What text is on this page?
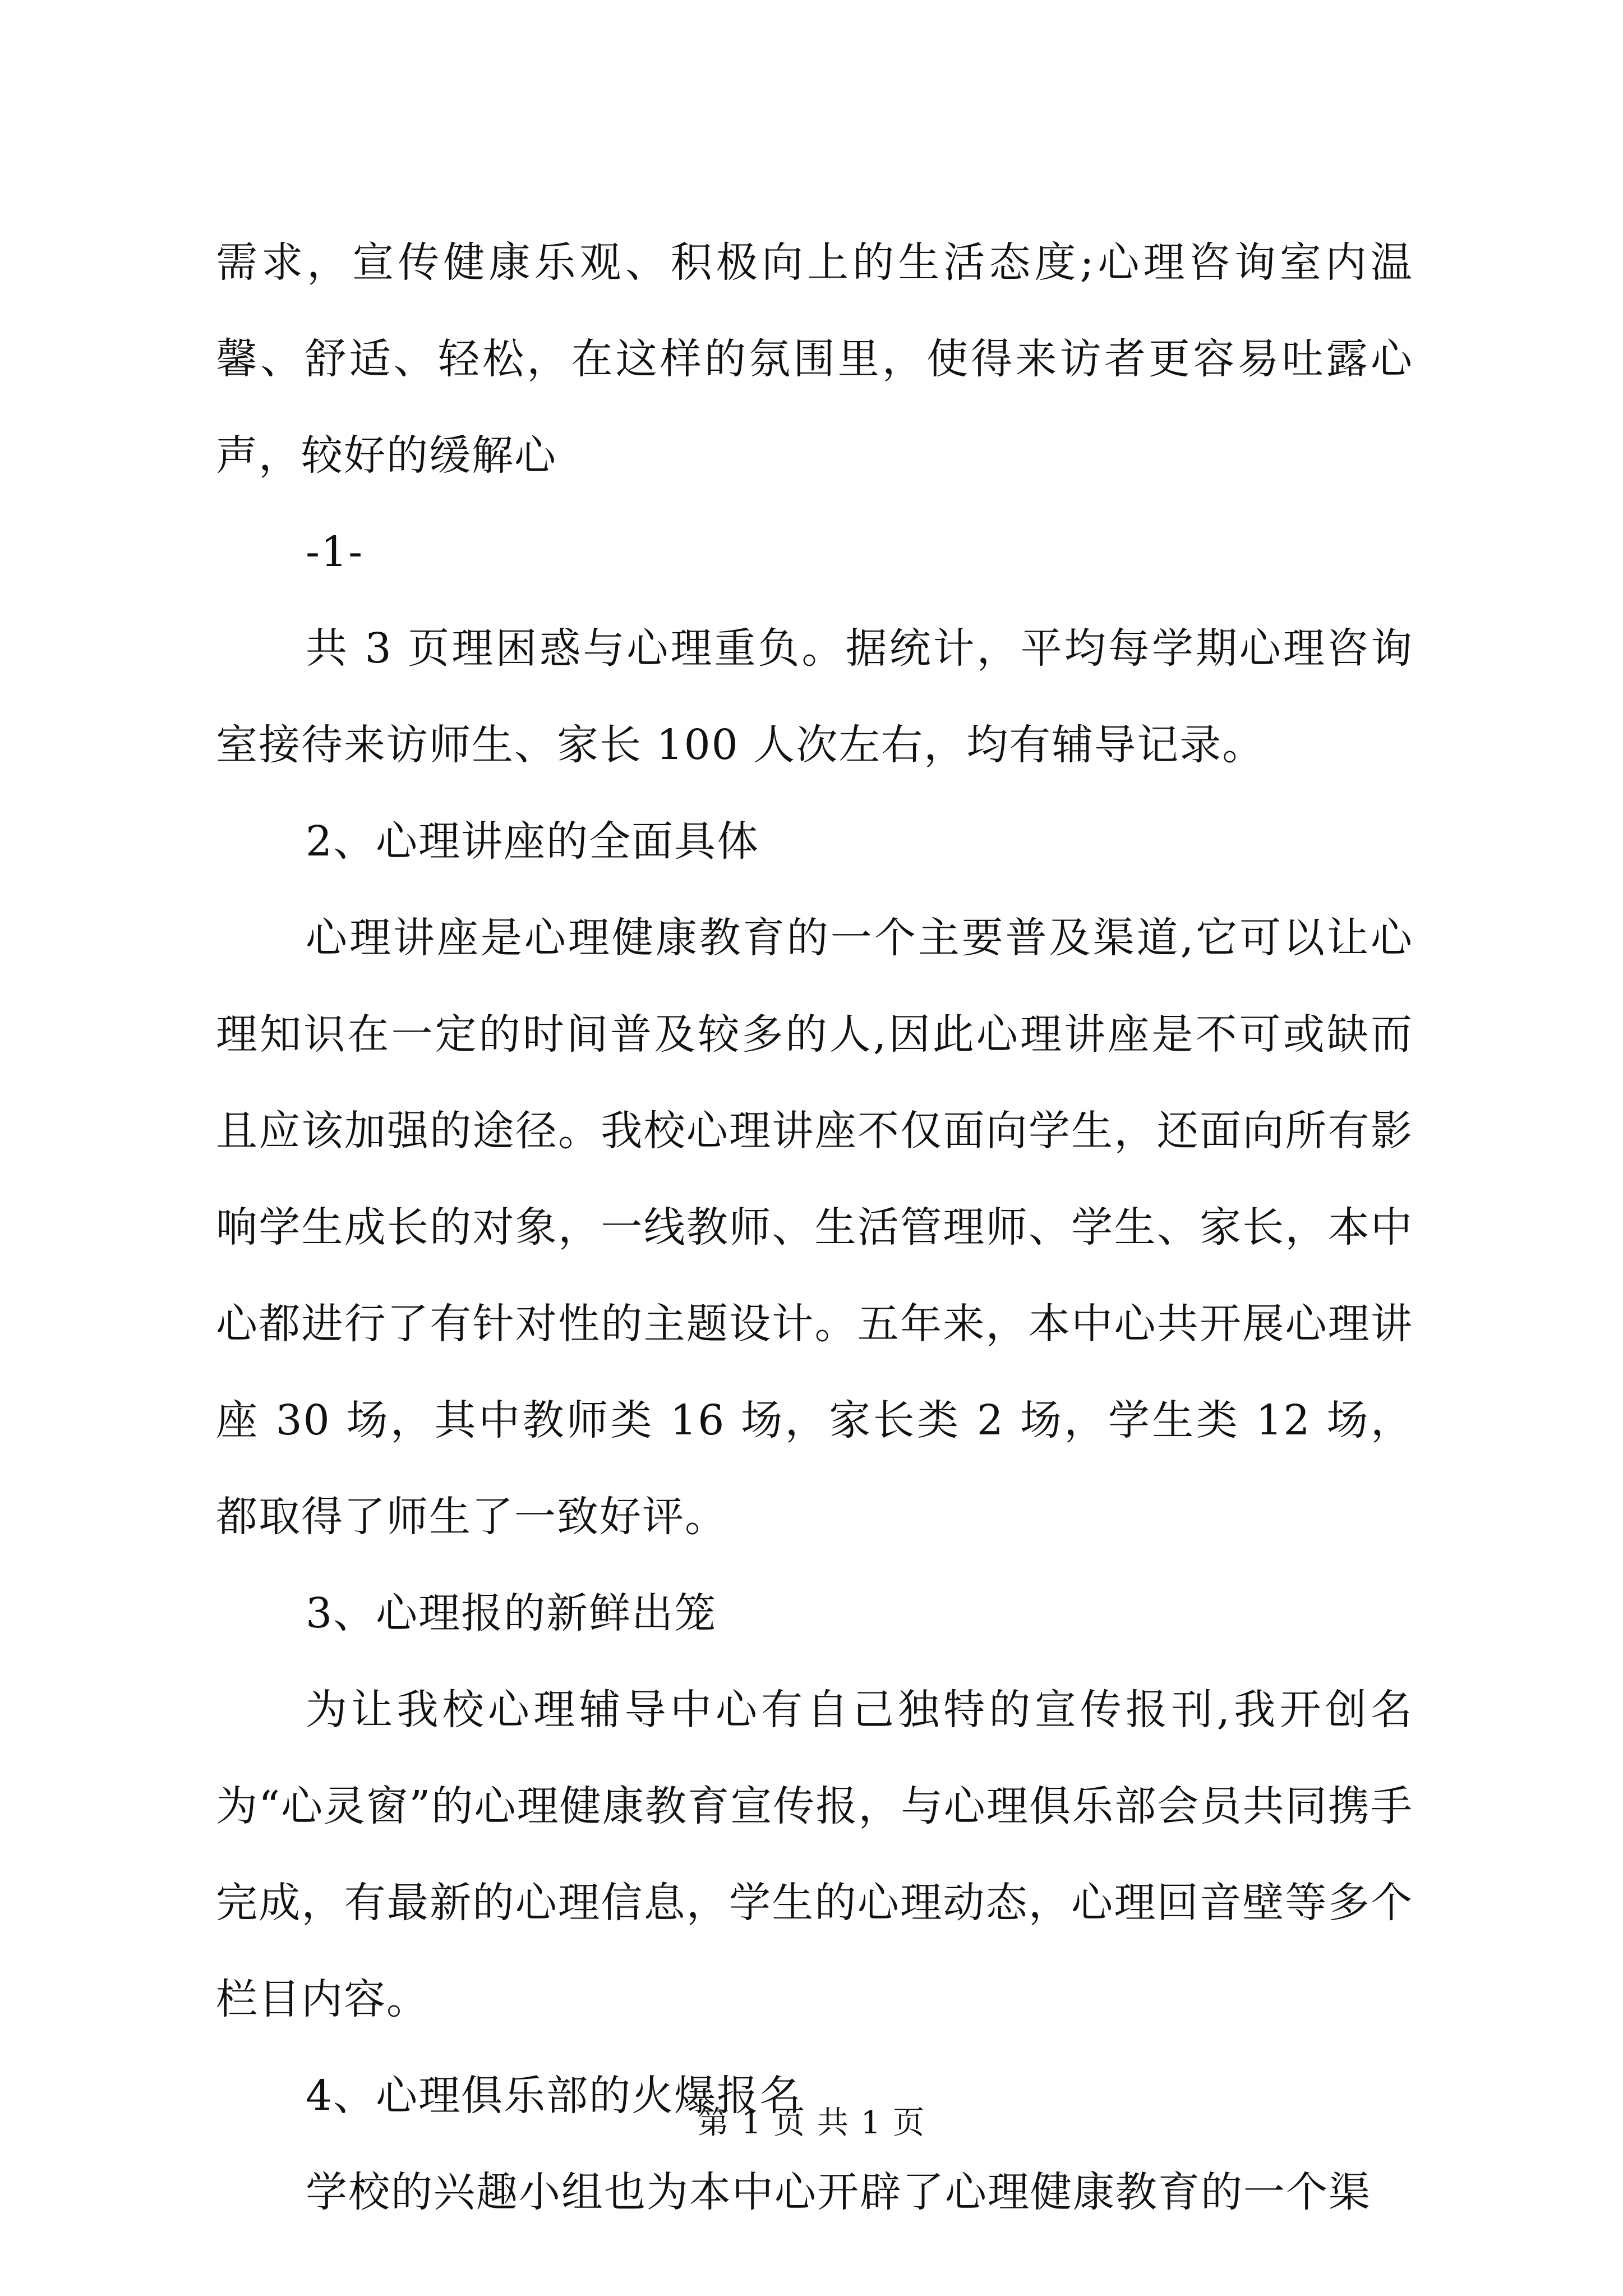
需求，宣传健康乐观、积极向上的生活态度;心理咨询室内温馨、舒适、轻松，在这样的氛围里，使得来访者更容易吐露心声，较好的缓解心

-1-

共 3 页理困惑与心理重负。据统计，平均每学期心理咨询室接待来访师生、家长 100 人次左右，均有辅导记录。

2、心理讲座的全面具体

心理讲座是心理健康教育的一个主要普及渠道,它可以让心理知识在一定的时间普及较多的人,因此心理讲座是不可或缺而且应该加强的途径。我校心理讲座不仅面向学生，还面向所有影响学生成长的对象，一线教师、生活管理师、学生、家长，本中心都进行了有针对性的主题设计。五年来，本中心共开展心理讲座 30 场，其中教师类 16 场，家长类 2 场，学生类 12 场，都取得了师生了一致好评。

3、心理报的新鲜出笼

为让我校心理辅导中心有自己独特的宣传报刊,我开创名为“心灵窗”的心理健康教育宣传报，与心理俱乐部会员共同携手完成，有最新的心理信息，学生的心理动态，心理回音壁等多个栏目内容。

4、心理俱乐部的火爆报名

学校的兴趣小组也为本中心开辟了心理健康教育的一个渠

第 1 页 共 1 页
